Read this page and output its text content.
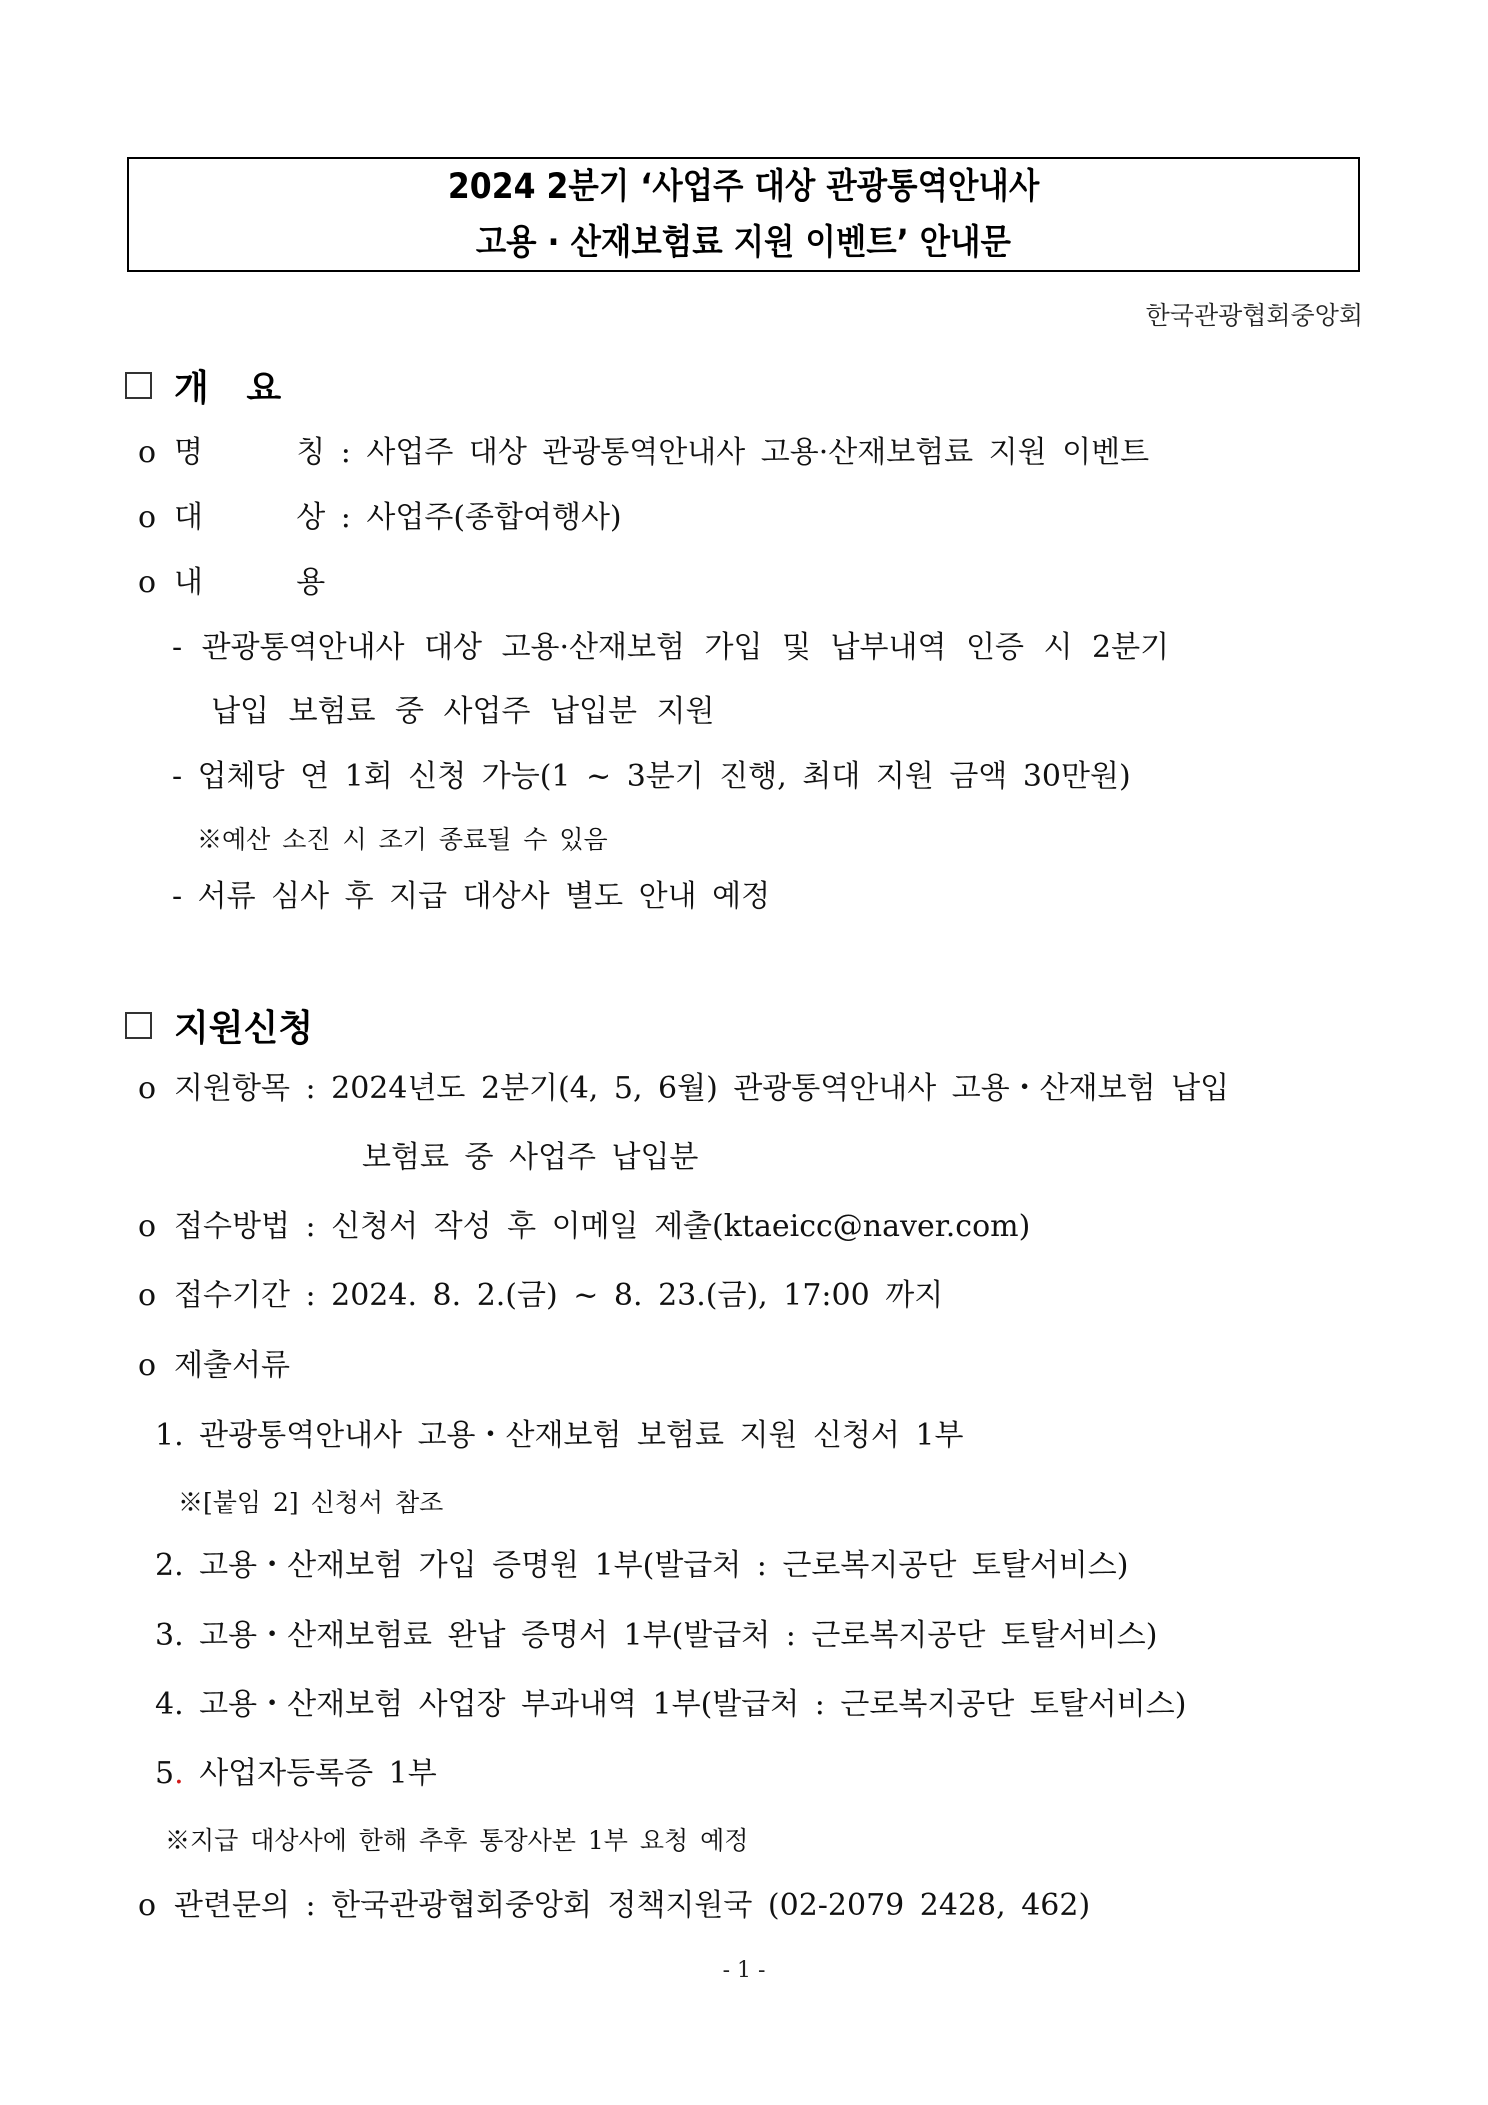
2024 2분기 ‘사업주 대상 관광통역안내사
고용 · 산재보험료 지원 이벤트’ 안내문
한국관광협회중앙회
개   요
o 명      칭 : 사업주 대상 관광통역안내사 고용·산재보험료 지원 이벤트
o 대      상 : 사업주(종합여행사)
o 내      용
- 관광통역안내사 대상 고용·산재보험 가입 및 납부내역 인증 시 2분기
납입 보험료 중 사업주 납입분 지원
- 업체당 연 1회 신청 가능(1 ~ 3분기 진행, 최대 지원 금액 30만원)
※예산 소진 시 조기 종료될 수 있음
- 서류 심사 후 지급 대상사 별도 안내 예정
지원신청
o 지원항목 : 2024년도 2분기(4, 5, 6월) 관광통역안내사 고용・산재보험 납입
보험료 중 사업주 납입분
o 접수방법 : 신청서 작성 후 이메일 제출(ktaeicc@naver.com)
o 접수기간 : 2024. 8. 2.(금) ~ 8. 23.(금), 17:00 까지
o 제출서류
1. 관광통역안내사 고용・산재보험 보험료 지원 신청서 1부
※[붙임 2] 신청서 참조
2. 고용・산재보험 가입 증명원 1부(발급처 : 근로복지공단 토탈서비스)
3. 고용・산재보험료 완납 증명서 1부(발급처 : 근로복지공단 토탈서비스)
4. 고용・산재보험 사업장 부과내역 1부(발급처 : 근로복지공단 토탈서비스)
5. 사업자등록증 1부
※지급 대상사에 한해 추후 통장사본 1부 요청 예정
o 관련문의 : 한국관광협회중앙회 정책지원국 (02-2079 2428, 462)
- 1 -
